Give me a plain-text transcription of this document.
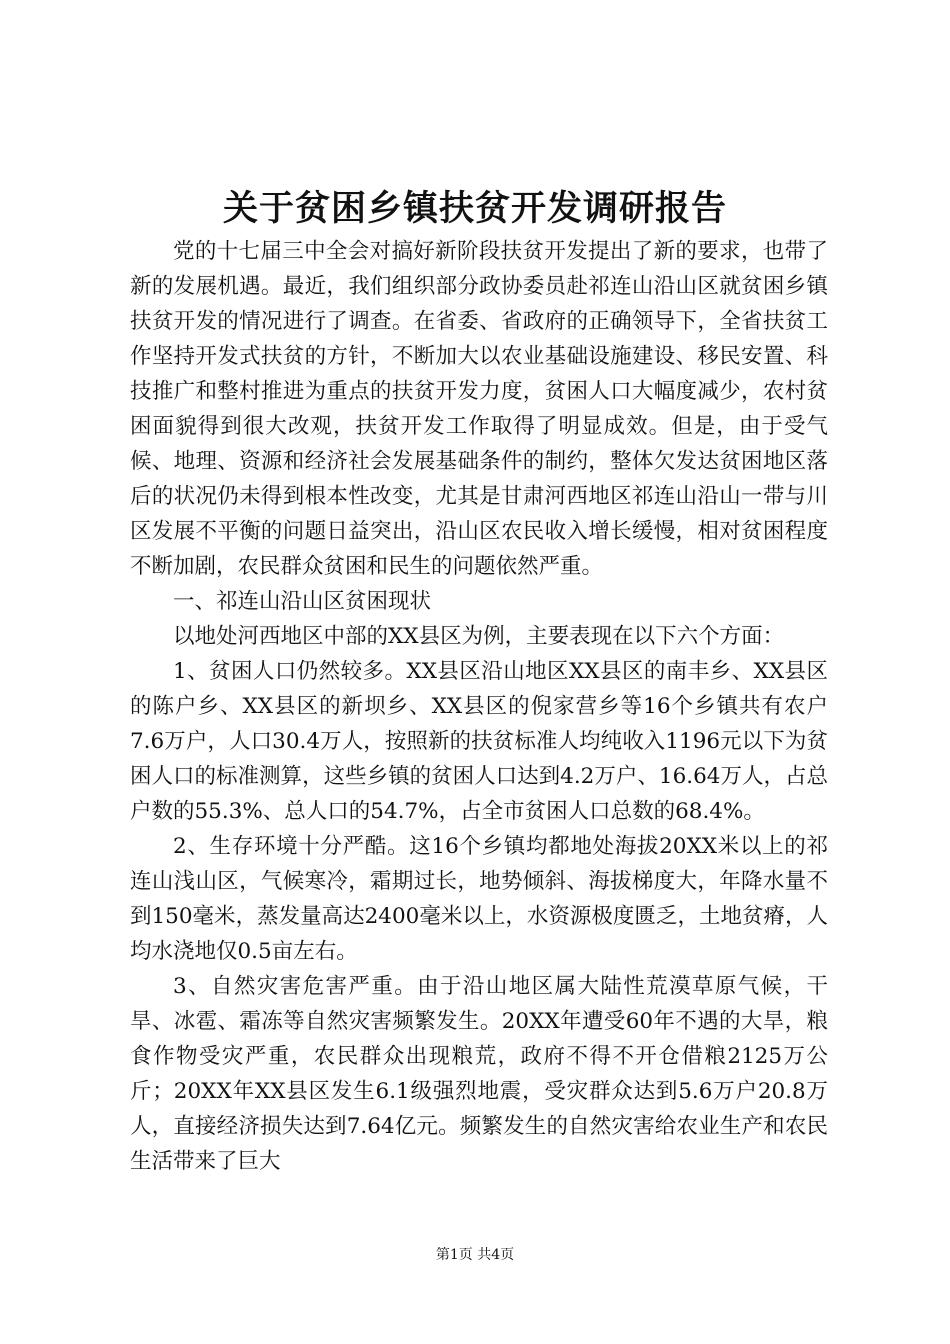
关于贫困乡镇扶贫开发调研报告

党的十七届三中全会对搞好新阶段扶贫开发提出了新的要求，也带了新的发展机遇。最近，我们组织部分政协委员赴祁连山沿山区就贫困乡镇扶贫开发的情况进行了调查。在省委、省政府的正确领导下，全省扶贫工作坚持开发式扶贫的方针，不断加大以农业基础设施建设、移民安置、科技推广和整村推进为重点的扶贫开发力度，贫困人口大幅度减少，农村贫困面貌得到很大改观，扶贫开发工作取得了明显成效。但是，由于受气候、地理、资源和经济社会发展基础条件的制约，整体欠发达贫困地区落后的状况仍未得到根本性改变，尤其是甘肃河西地区祁连山沿山一带与川区发展不平衡的问题日益突出，沿山区农民收入增长缓慢，相对贫困程度不断加剧，农民群众贫困和民生的问题依然严重。

一、祁连山沿山区贫困现状

以地处河西地区中部的XX县区为例，主要表现在以下六个方面：

1、贫困人口仍然较多。XX县区沿山地区XX县区的南丰乡、XX县区的陈户乡、XX县区的新坝乡、XX县区的倪家营乡等16个乡镇共有农户7.6万户，人口30.4万人，按照新的扶贫标准人均纯收入1196元以下为贫困人口的标准测算，这些乡镇的贫困人口达到4.2万户、16.64万人，占总户数的55.3%、总人口的54.7%，占全市贫困人口总数的68.4%。

2、生存环境十分严酷。这16个乡镇均都地处海拔20XX米以上的祁连山浅山区，气候寒冷，霜期过长，地势倾斜、海拔梯度大，年降水量不到150毫米，蒸发量高达2400毫米以上，水资源极度匮乏，土地贫瘠，人均水浇地仅0.5亩左右。

3、自然灾害危害严重。由于沿山地区属大陆性荒漠草原气候，干旱、冰雹、霜冻等自然灾害频繁发生。20XX年遭受60年不遇的大旱，粮食作物受灾严重，农民群众出现粮荒，政府不得不开仓借粮2125万公斤；20XX年XX县区发生6.1级强烈地震，受灾群众达到5.6万户20.8万人，直接经济损失达到7.64亿元。频繁发生的自然灾害给农业生产和农民生活带来了巨大

第1页 共4页
